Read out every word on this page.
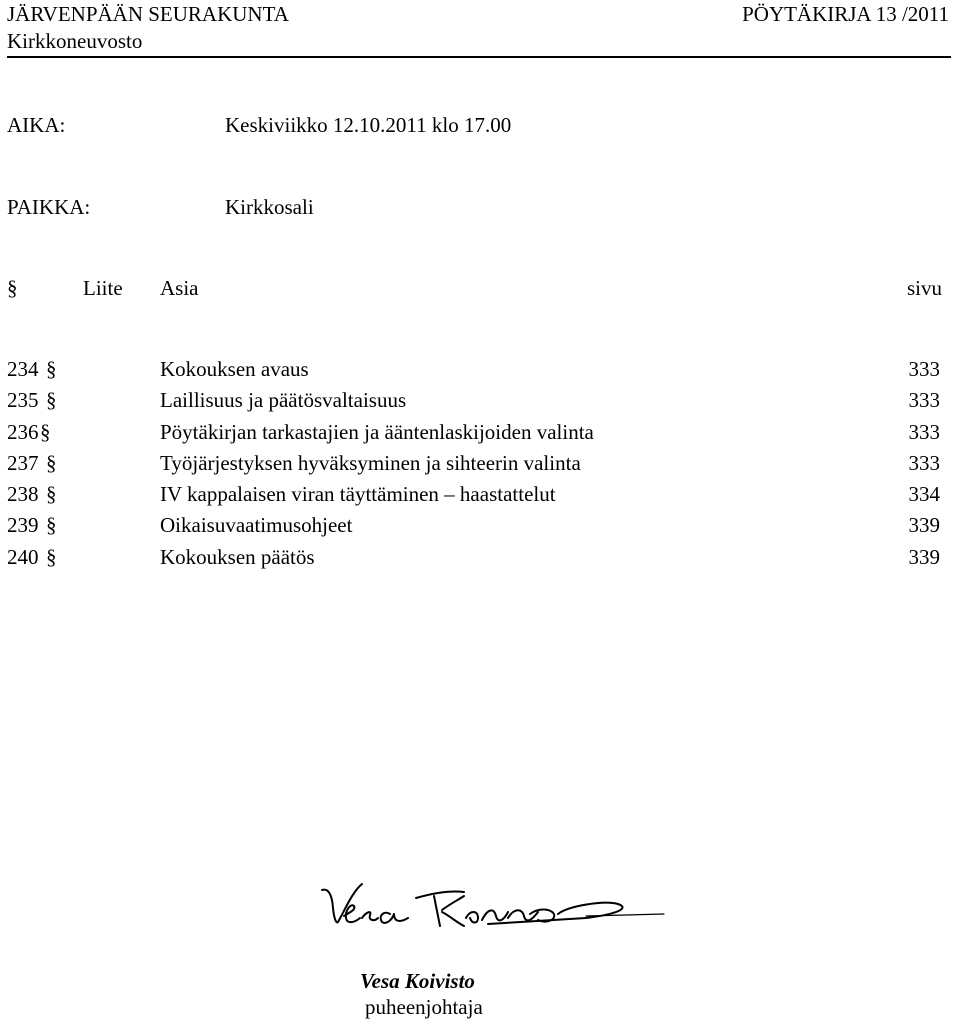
JÄRVENPÄÄN SEURAKUNTA	PÖYTÄKIRJA 13 /2011
Kirkkoneuvosto
AIKA:	Keskiviikko 12.10.2011 klo 17.00
PAIKKA:	Kirkkosali
§	Liite Asia	sivu
234 §	Kokouksen avaus	333
235 §	Laillisuus ja päätösvaltaisuus	333
236 §	Pöytäkirjan tarkastajien ja ääntenlaskijoiden valinta	333
237 §	Työjärjestyksen hyväksyminen ja sihteerin valinta	333
238 §	IV kappalaisen viran täyttäminen – haastattelut	334
239 §	Oikaisuvaatimusohjeet	339
240 §	Kokouksen päätös	339
Vesa Koivisto
puheenjohtaja
